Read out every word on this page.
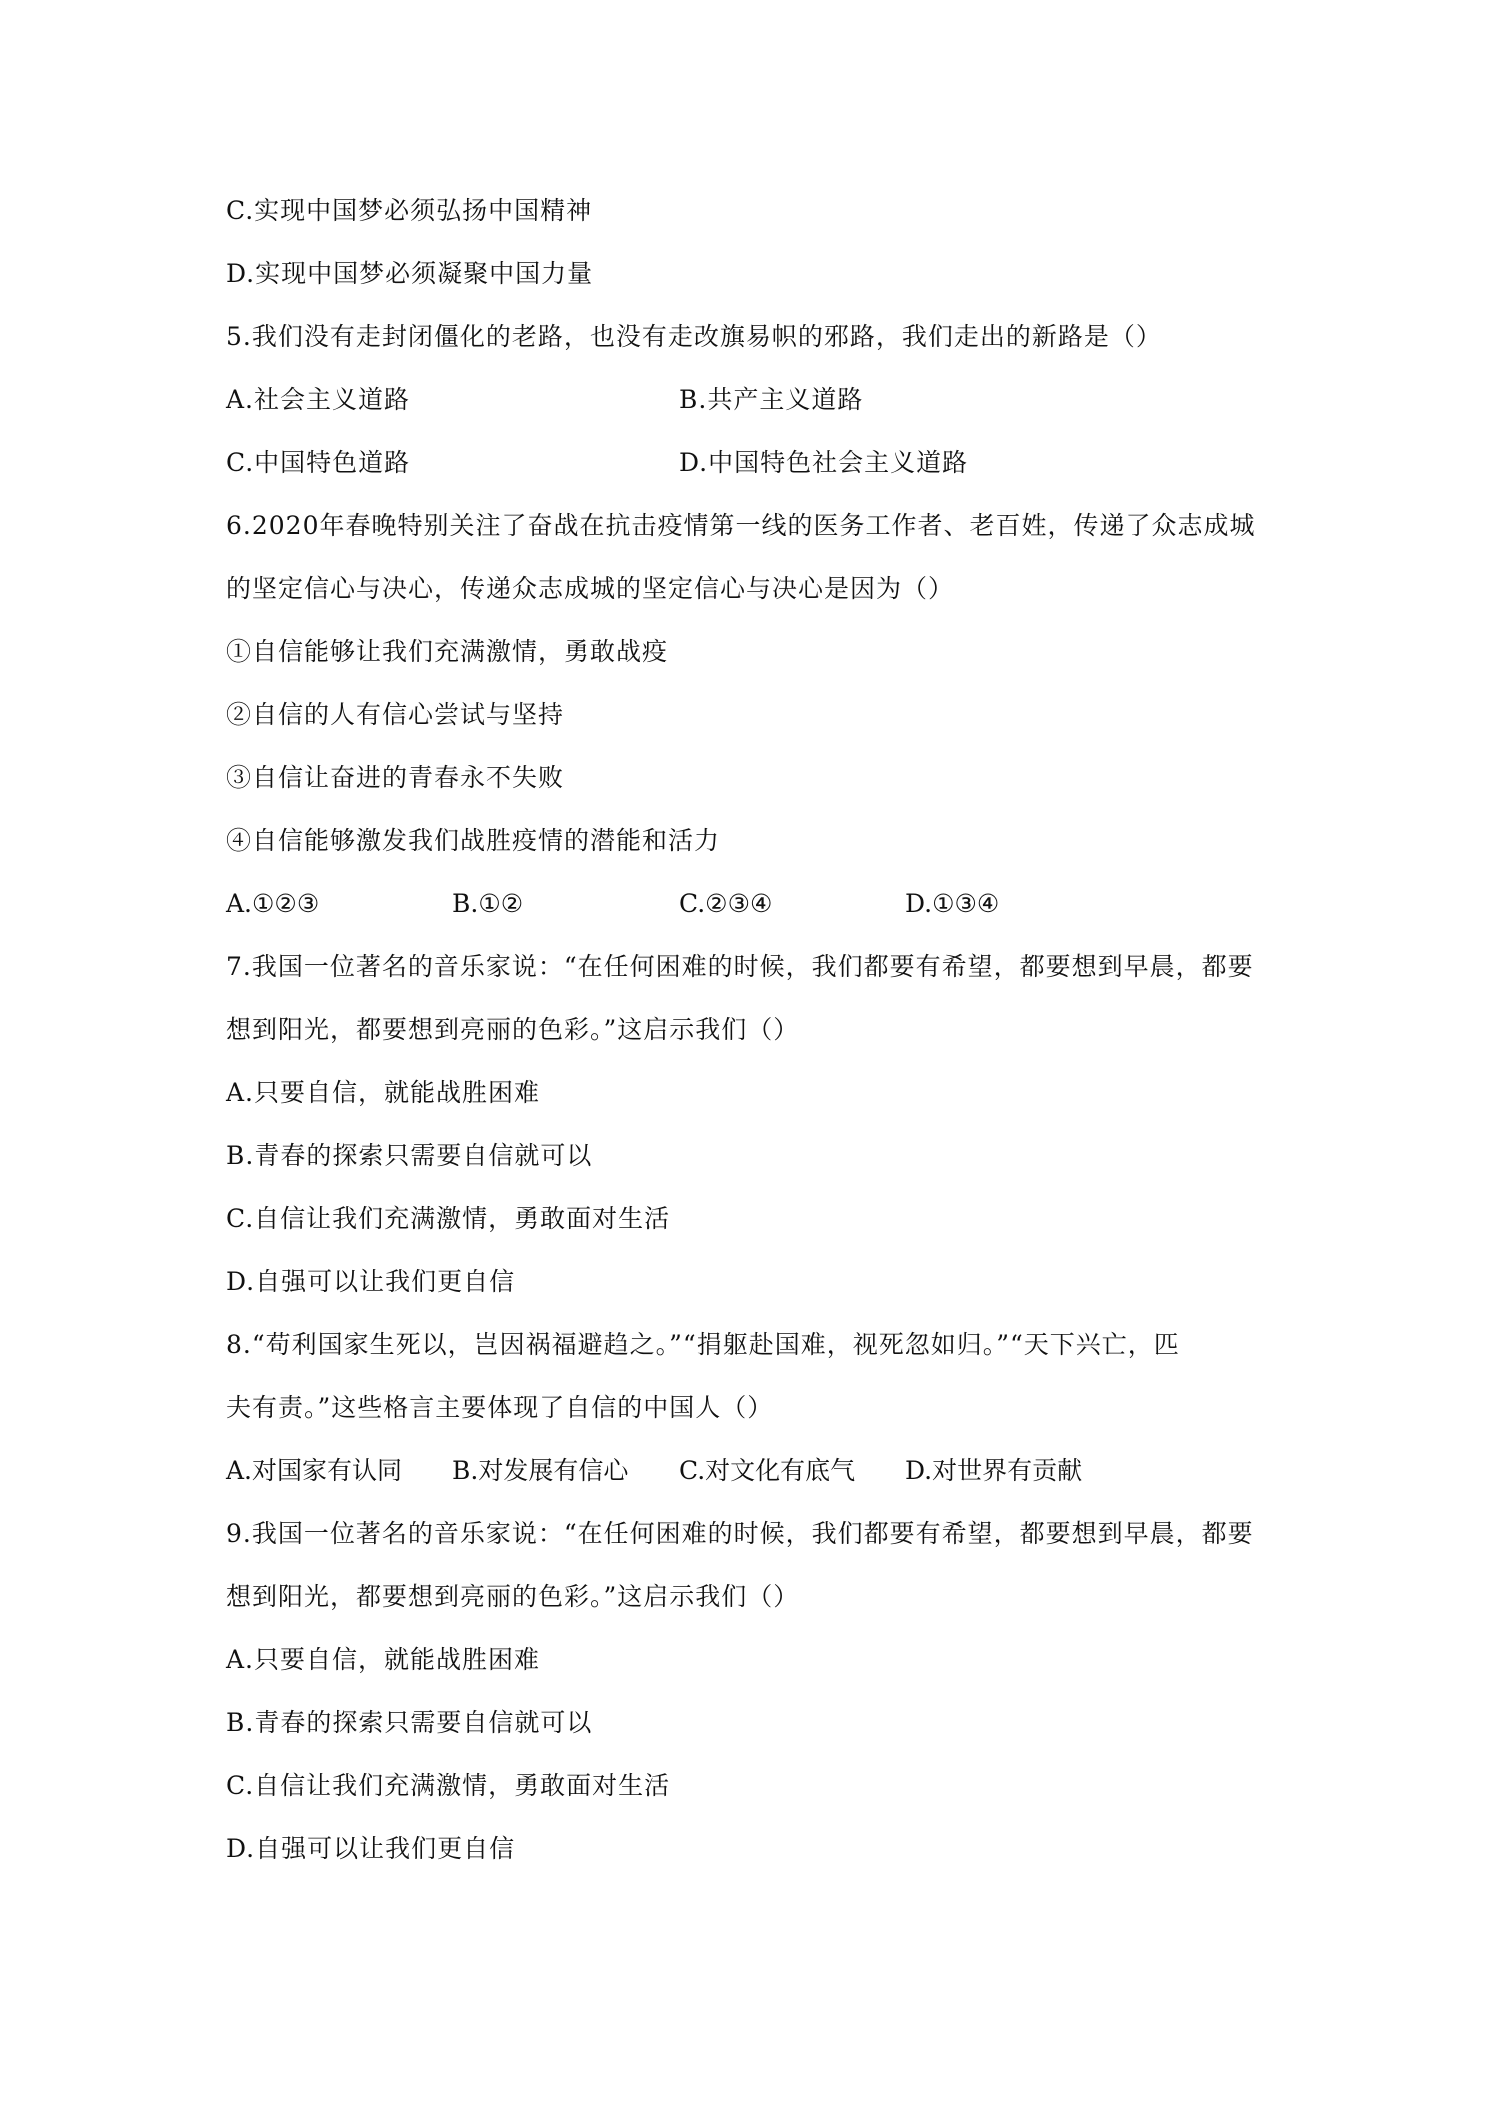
C.实现中国梦必须弘扬中国精神
D.实现中国梦必须凝聚中国力量
5.我们没有走封闭僵化的老路，也没有走改旗易帜的邪路，我们走出的新路是（）
A.社会主义道路	B.共产主义道路
C.中国特色道路	D.中国特色社会主义道路
6.2020年春晚特别关注了奋战在抗击疫情第一线的医务工作者、老百姓，传递了众志成城
的坚定信心与决心，传递众志成城的坚定信心与决心是因为（）
①自信能够让我们充满激情，勇敢战疫
②自信的人有信心尝试与坚持
③自信让奋进的青春永不失败
④自信能够激发我们战胜疫情的潜能和活力
A.①②③	B.①②	C.②③④	D.①③④
7.我国一位著名的音乐家说：“在任何困难的时候，我们都要有希望，都要想到早晨，都要
想到阳光，都要想到亮丽的色彩。”这启示我们（）
A.只要自信，就能战胜困难
B.青春的探索只需要自信就可以
C.自信让我们充满激情，勇敢面对生活
D.自强可以让我们更自信
8.“苟利国家生死以，岂因祸福避趋之。”“捐躯赴国难，视死忽如归。”“天下兴亡，匹
夫有责。”这些格言主要体现了自信的中国人（）
A.对国家有认同 B.对发展有信心 C.对文化有底气 D.对世界有贡献
9.我国一位著名的音乐家说：“在任何困难的时候，我们都要有希望，都要想到早晨，都要
想到阳光，都要想到亮丽的色彩。”这启示我们（）
A.只要自信，就能战胜困难
B.青春的探索只需要自信就可以
C.自信让我们充满激情，勇敢面对生活
D.自强可以让我们更自信
